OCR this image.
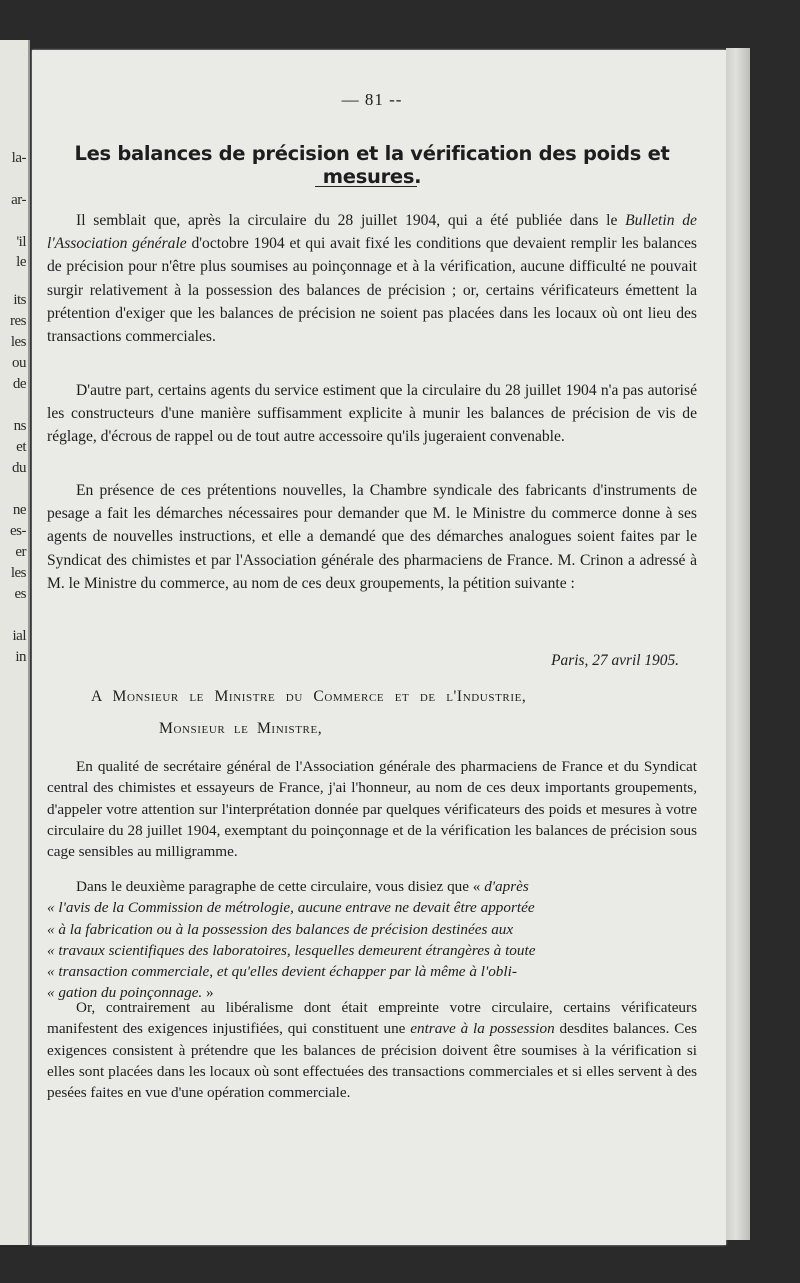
la-
ar-
'il
le
its
res
les
ou
de
ns
et
du
ne
es-
er
les
es
ial
in
— 81 --
Les balances de précision et la vérification des poids et mesures.

Il semblait que, après la circulaire du 28 juillet 1904, qui a été publiée dans le Bulletin de l'Association générale d'octobre 1904 et qui avait fixé les conditions que devaient remplir les balances de précision pour n'être plus soumises au poinçonnage et à la vérification, aucune difficulté ne pouvait surgir relativement à la possession des balances de précision ; or, certains vérificateurs émettent la prétention d'exiger que les balances de précision ne soient pas placées dans les locaux où ont lieu des transactions commerciales.

D'autre part, certains agents du service estiment que la circulaire du 28 juillet 1904 n'a pas autorisé les constructeurs d'une manière suffisamment explicite à munir les balances de précision de vis de réglage, d'écrous de rappel ou de tout autre accessoire qu'ils jugeraient convenable.

En présence de ces prétentions nouvelles, la Chambre syndicale des fabricants d'instruments de pesage a fait les démarches nécessaires pour demander que M. le Ministre du commerce donne à ses agents de nouvelles instructions, et elle a demandé que des démarches analogues soient faites par le Syndicat des chimistes et par l'Association générale des pharmaciens de France. M. Crinon a adressé à M. le Ministre du commerce, au nom de ces deux groupements, la pétition suivante :

Paris, 27 avril 1905.
A Monsieur le Ministre du Commerce et de l'Industrie,
Monsieur le Ministre,

En qualité de secrétaire général de l'Association générale des pharmaciens de France et du Syndicat central des chimistes et essayeurs de France, j'ai l'honneur, au nom de ces deux importants groupements, d'appeler votre attention sur l'interprétation donnée par quelques vérificateurs des poids et mesures à votre circulaire du 28 juillet 1904, exemptant du poinçonnage et de la vérification les balances de précision sous cage sensibles au milligramme.

Dans le deuxième paragraphe de cette circulaire, vous disiez que « d'après
« l'avis de la Commission de métrologie, aucune entrave ne devait être apportée
« à la fabrication ou à la possession des balances de précision destinées aux
« travaux scientifiques des laboratoires, lesquelles demeurent étrangères à toute
« transaction commerciale, et qu'elles devient échapper par là même à l'obli-
« gation du poinçonnage. »

Or, contrairement au libéralisme dont était empreinte votre circulaire, certains vérificateurs manifestent des exigences injustifiées, qui constituent une entrave à la possession desdites balances. Ces exigences consistent à prétendre que les balances de précision doivent être soumises à la vérification si elles sont placées dans les locaux où sont effectuées des transactions commerciales et si elles servent à des pesées faites en vue d'une opération commerciale.
